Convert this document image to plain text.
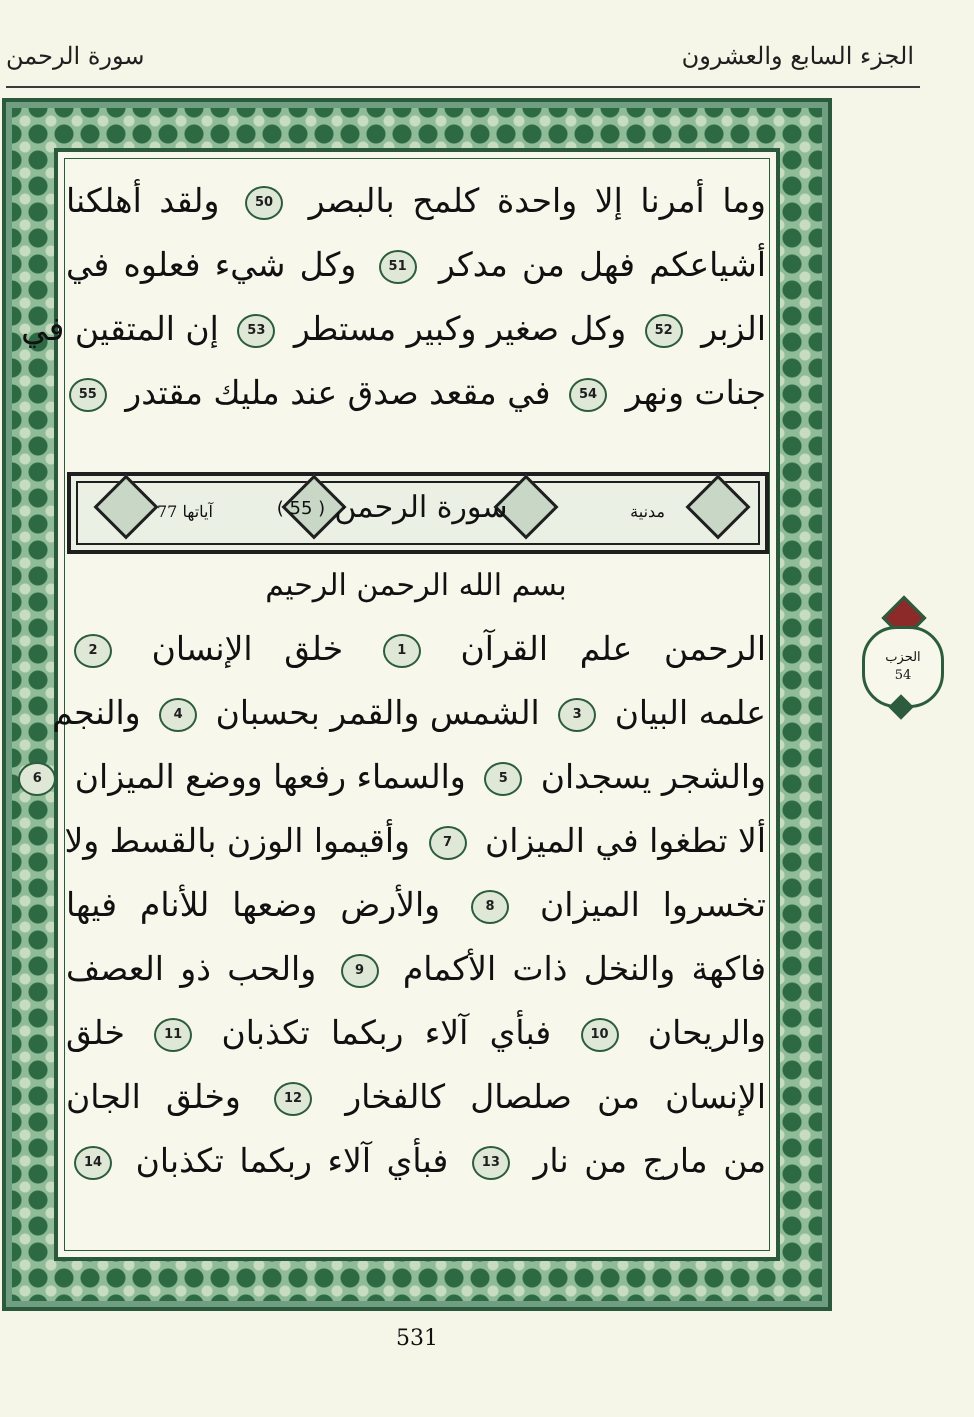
الجزء السابع والعشرون
سورة الرحمن
وما أمرنا إلا واحدة كلمح بالبصر 50 ولقد أهلكنا
أشياعكم فهل من مدكر 51 وكل شيء فعلوه في
الزبر 52 وكل صغير وكبير مستطر 53 إن المتقين في
جنات ونهر 54 في مقعد صدق عند مليك مقتدر 55
الرحمن علم القرآن 1 خلق الإنسان 2
علمه البيان 3 الشمس والقمر بحسبان 4 والنجم
والشجر يسجدان 5 والسماء رفعها ووضع الميزان 6
ألا تطغوا في الميزان 7 وأقيموا الوزن بالقسط ولا
تخسروا الميزان 8 والأرض وضعها للأنام فيها
فاكهة والنخل ذات الأكمام 9 والحب ذو العصف
والريحان 10 فبأي آلاء ربكما تكذبان 11 خلق
الإنسان من صلصال كالفخار 12 وخلق الجان
من مارج من نار 13 فبأي آلاء ربكما تكذبان 14
( 55 ) سورة الرحمن	مدنية
آياتها 77
بسم الله الرحمن الرحيم
الحزب
54
531
